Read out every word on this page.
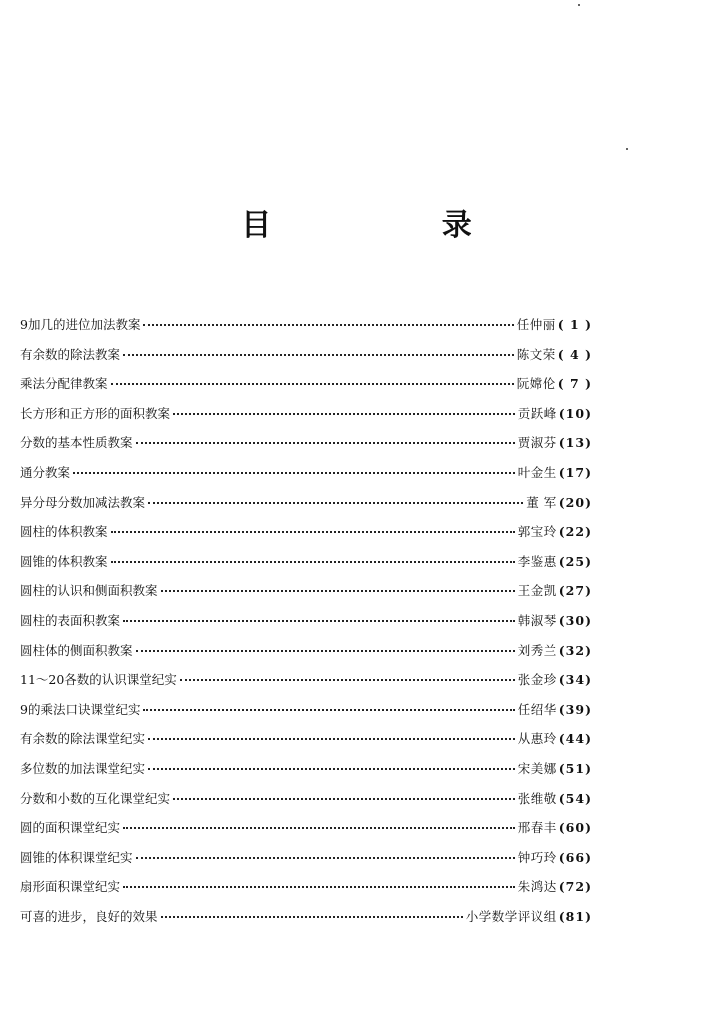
目 录
9加几的进位加法教案	任仲丽 ( 1 )
有余数的除法教案	陈文荣 ( 4 )
乘法分配律教案	阮嫦伦 ( 7 )
长方形和正方形的面积教案	贡跃峰 (10)
分数的基本性质教案	贾淑芬 (13)
通分教案	叶金生 (17)
异分母分数加减法教案	董 军 (20)
圆柱的体积教案	郭宝玲 (22)
圆锥的体积教案	李鉴惠 (25)
圆柱的认识和侧面积教案	王金凯 (27)
圆柱的表面积教案	韩淑琴 (30)
圆柱体的侧面积教案	刘秀兰 (32)
11～20各数的认识课堂纪实	张金珍 (34)
9的乘法口诀课堂纪实	任绍华 (39)
有余数的除法课堂纪实	从惠玲 (44)
多位数的加法课堂纪实	宋美娜 (51)
分数和小数的互化课堂纪实	张维敬 (54)
圆的面积课堂纪实	邢春丰 (60)
圆锥的体积课堂纪实	钟巧玲 (66)
扇形面积课堂纪实	朱鸿达 (72)
可喜的进步，良好的效果	小学数学评议组 (81)
